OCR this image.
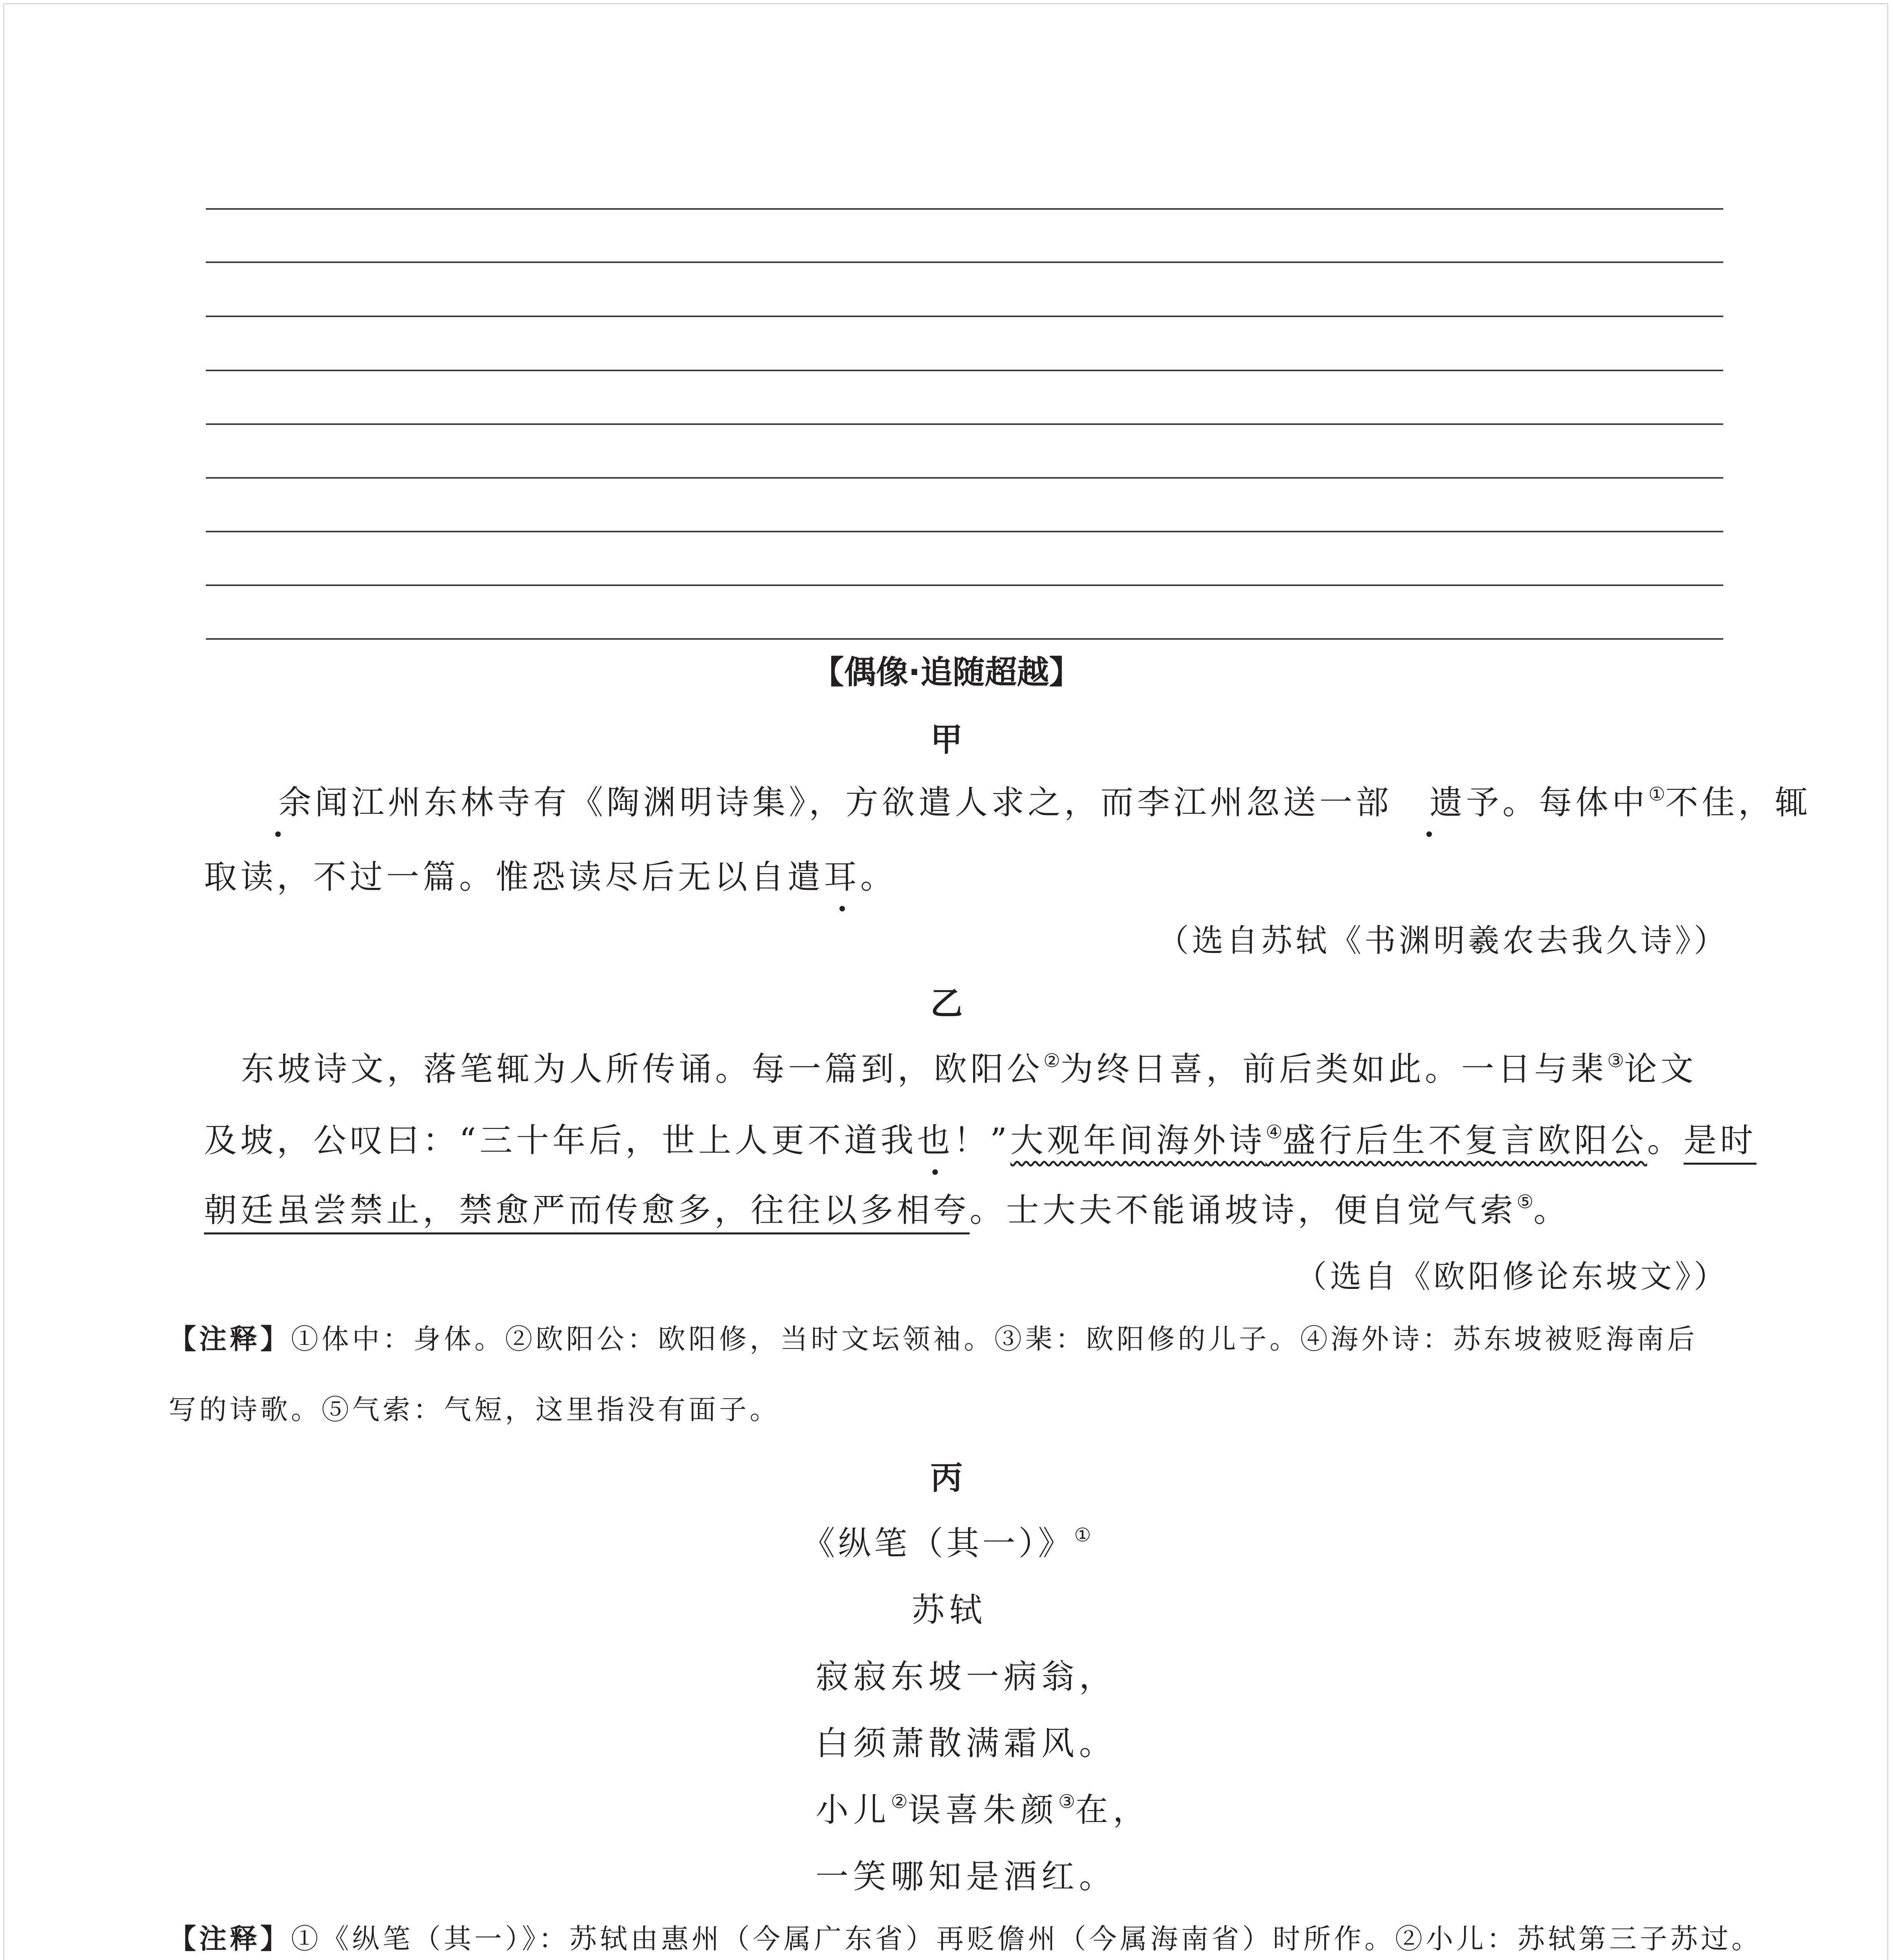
【偶像·追随超越】
甲
余闻江州东林寺有《陶渊明诗集》，方欲遣人求之，而李江州忽送一部 遗予。每体中①不佳，辄
取读，不过一篇。惟恐读尽后无以自遣耳。
（选自苏轼《书渊明羲农去我久诗》）
乙
东坡诗文，落笔辄为人所传诵。每一篇到，欧阳公②为终日喜，前后类如此。一日与棐③论文
及坡，公叹曰：“三十年后，世上人更不道我也！”大观年间海外诗④盛行后生不复言欧阳公。是时
朝廷虽尝禁止，禁愈严而传愈多，往往以多相夸。士大夫不能诵坡诗，便自觉气索⑤。
（选自《欧阳修论东坡文》）
【注释】①体中：身体。②欧阳公：欧阳修，当时文坛领袖。③棐：欧阳修的儿子。④海外诗：苏东坡被贬海南后
写的诗歌。⑤气索：气短，这里指没有面子。
丙
《纵笔（其一）》①
苏轼
寂寂东坡一病翁，
白须萧散满霜风。
小儿②误喜朱颜③在，
一笑哪知是酒红。
【注释】①《纵笔（其一）》：苏轼由惠州（今属广东省）再贬儋州（今属海南省）时所作。②小儿：苏轼第三子苏过。
